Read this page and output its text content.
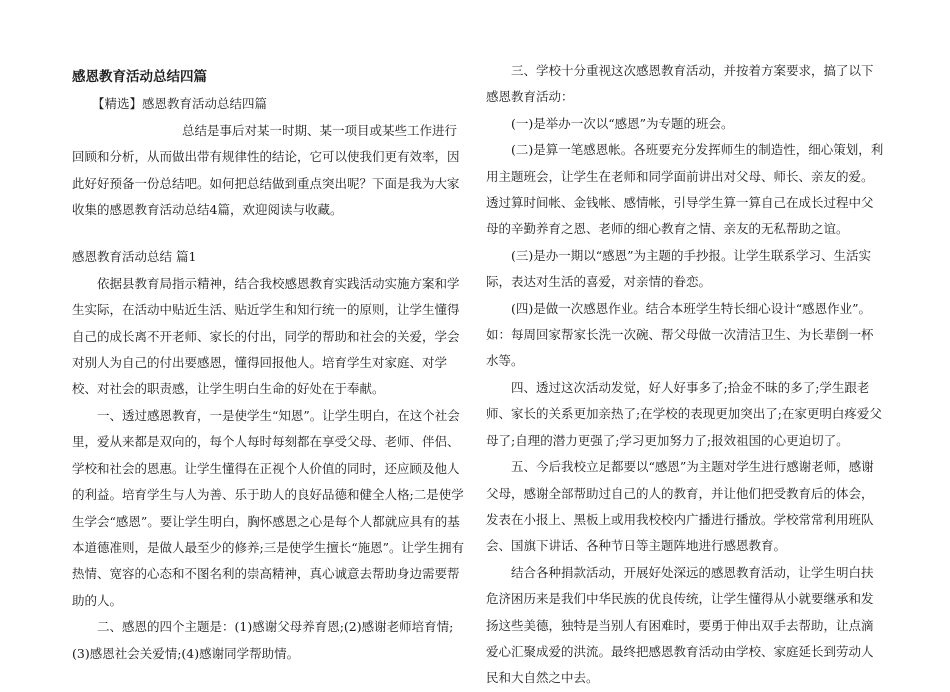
感恩教育活动总结四篇

【精选】感恩教育活动总结四篇

总结是事后对某一时期、某一项目或某些工作进行回顾和分析，从而做出带有规律性的结论，它可以使我们更有效率，因此好好预备一份总结吧。如何把总结做到重点突出呢？下面是我为大家收集的感恩教育活动总结4篇，欢迎阅读与收藏。

感恩教育活动总结 篇1

依据县教育局指示精神，结合我校感恩教育实践活动实施方案和学生实际，在活动中贴近生活、贴近学生和知行统一的原则，让学生懂得自己的成长离不开老师、家长的付出，同学的帮助和社会的关爱，学会对别人为自己的付出要感恩，懂得回报他人。培育学生对家庭、对学校、对社会的职责感，让学生明白生命的好处在于奉献。

一、透过感恩教育，一是使学生“知恩”。让学生明白，在这个社会里，爱从来都是双向的，每个人每时每刻都在享受父母、老师、伴侣、学校和社会的恩惠。让学生懂得在正视个人价值的同时，还应顾及他人的利益。培育学生与人为善、乐于助人的良好品德和健全人格;二是使学生学会“感恩”。要让学生明白，胸怀感恩之心是每个人都就应具有的基本道德准则，是做人最至少的修养;三是使学生擅长“施恩”。让学生拥有热情、宽容的心态和不图名利的崇高精神，真心诚意去帮助身边需要帮助的人。

二、感恩的四个主题是：(1)感谢父母养育恩;(2)感谢老师培育情;(3)感恩社会关爱情;(4)感谢同学帮助情。

三、学校十分重视这次感恩教育活动，并按着方案要求，搞了以下感恩教育活动：

(一)是举办一次以“感恩”为专题的班会。

(二)是算一笔感恩帐。各班要充分发挥师生的制造性，细心策划，利用主题班会，让学生在老师和同学面前讲出对父母、师长、亲友的爱。透过算时间帐、金钱帐、感情帐，引导学生算一算自己在成长过程中父母的辛勤养育之恩、老师的细心教育之情、亲友的无私帮助之谊。

(三)是办一期以“感恩”为主题的手抄报。让学生联系学习、生活实际，表达对生活的喜爱，对亲情的眷恋。

(四)是做一次感恩作业。结合本班学生特长细心设计“感恩作业”。如：每周回家帮家长洗一次碗、帮父母做一次清洁卫生、为长辈倒一杯水等。

四、透过这次活动发觉，好人好事多了;拾金不昧的多了;学生跟老师、家长的关系更加亲热了;在学校的表现更加突出了;在家更明白疼爱父母了;自理的潜力更强了;学习更加努力了;报效祖国的心更迫切了。

五、今后我校立足都要以“感恩”为主题对学生进行感谢老师，感谢父母，感谢全部帮助过自己的人的教育，并让他们把受教育后的体会，发表在小报上、黑板上或用我校校内广播进行播放。学校常常利用班队会、国旗下讲话、各种节日等主题阵地进行感恩教育。

结合各种捐款活动，开展好处深远的感恩教育活动，让学生明白扶危济困历来是我们中华民族的优良传统，让学生懂得从小就要继承和发扬这些美德，独特是当别人有困难时，要勇于伸出双手去帮助，让点滴爱心汇聚成爱的洪流。最终把感恩教育活动由学校、家庭延长到劳动人民和大自然之中去。
